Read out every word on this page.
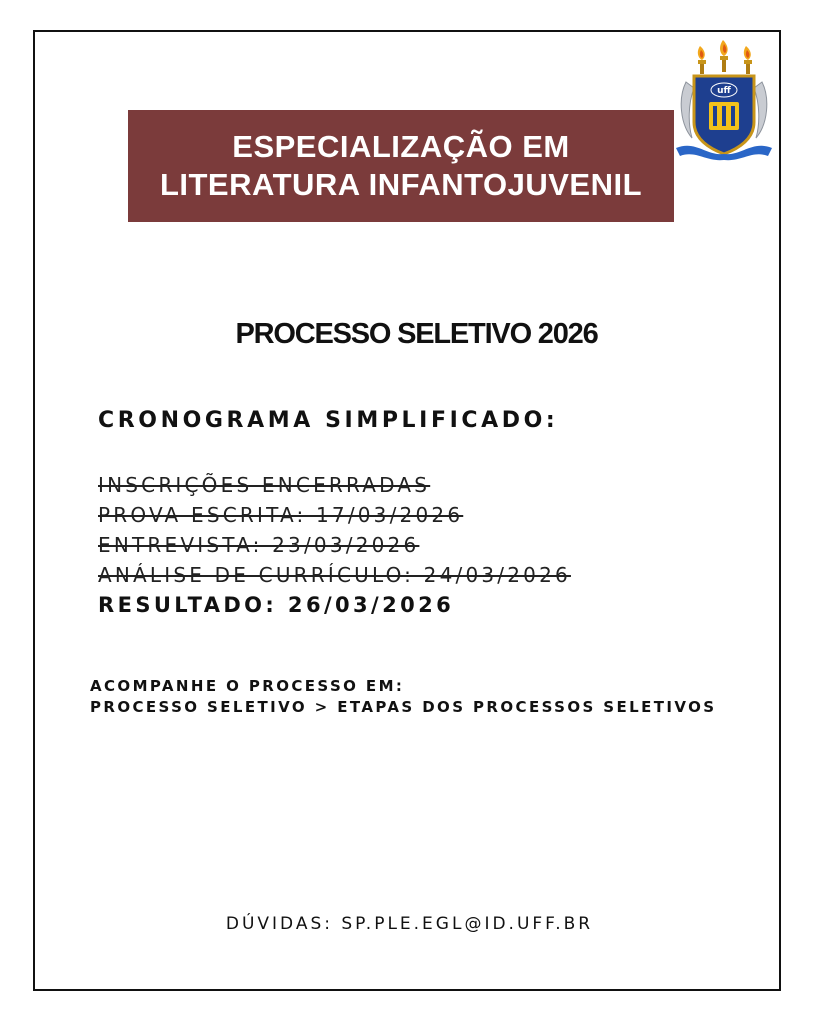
ESPECIALIZAÇÃO EM
LITERATURA INFANTOJUVENIL
uff
PROCESSO SELETIVO 2026
CRONOGRAMA SIMPLIFICADO:
INSCRIÇÕES ENCERRADAS
PROVA ESCRITA: 17/03/2026
ENTREVISTA: 23/03/2026
ANÁLISE DE CURRÍCULO: 24/03/2026
RESULTADO: 26/03/2026
ACOMPANHE O PROCESSO EM:
PROCESSO SELETIVO > ETAPAS DOS PROCESSOS SELETIVOS
DÚVIDAS: SP.PLE.EGL@ID.UFF.BR
